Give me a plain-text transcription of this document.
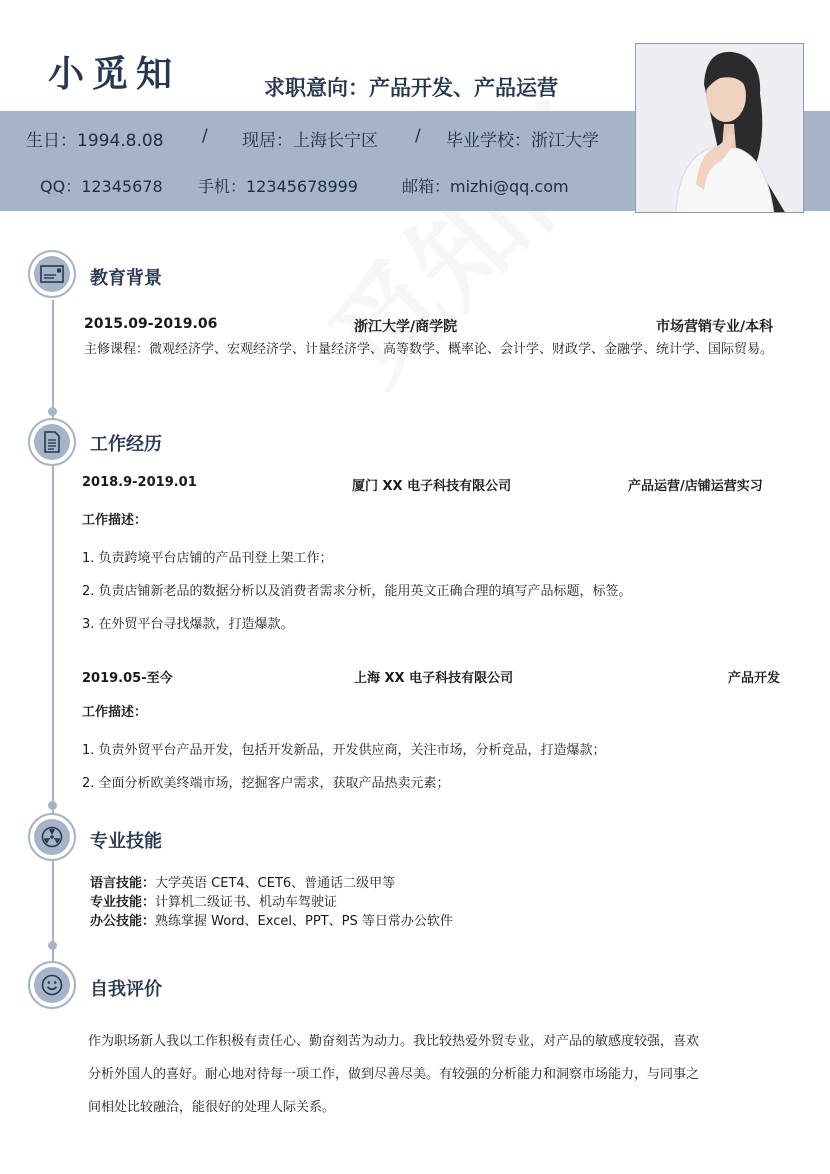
小觅知	求职意向：产品开发、产品运营
生日：1994.8.08 / 现居：上海长宁区 / 毕业学校：浙江大学
QQ：12345678 手机：12345678999	邮箱：mizhi@qq.com
教育背景
2015.09-2019.06	浙江大学/商学院	市场营销专业/本科
主修课程：微观经济学、宏观经济学、计量经济学、高等数学、概率论、会计学、财政学、金融学、统计学、国际贸易。
工作经历
2018.9-2019.01	厦门 XX 电子科技有限公司	产品运营/店铺运营实习
工作描述：
1. 负责跨境平台店铺的产品刊登上架工作；
2. 负责店铺新老品的数据分析以及消费者需求分析，能用英文正确合理的填写产品标题，标签。
3. 在外贸平台寻找爆款，打造爆款。
2019.05-至今	上海 XX 电子科技有限公司	产品开发
工作描述：
1. 负责外贸平台产品开发，包括开发新品，开发供应商，关注市场，分析竞品，打造爆款；
2. 全面分析欧美终端市场，挖掘客户需求，获取产品热卖元素；
专业技能
语言技能：大学英语 CET4、CET6、普通话二级甲等
专业技能：计算机二级证书、机动车驾驶证
办公技能：熟练掌握 Word、Excel、PPT、PS 等日常办公软件
自我评价
作为职场新人我以工作积极有责任心、勤奋刻苦为动力。我比较热爱外贸专业，对产品的敏感度较强，喜欢
分析外国人的喜好。耐心地对待每一项工作，做到尽善尽美。有较强的分析能力和洞察市场能力，与同事之
间相处比较融洽，能很好的处理人际关系。
